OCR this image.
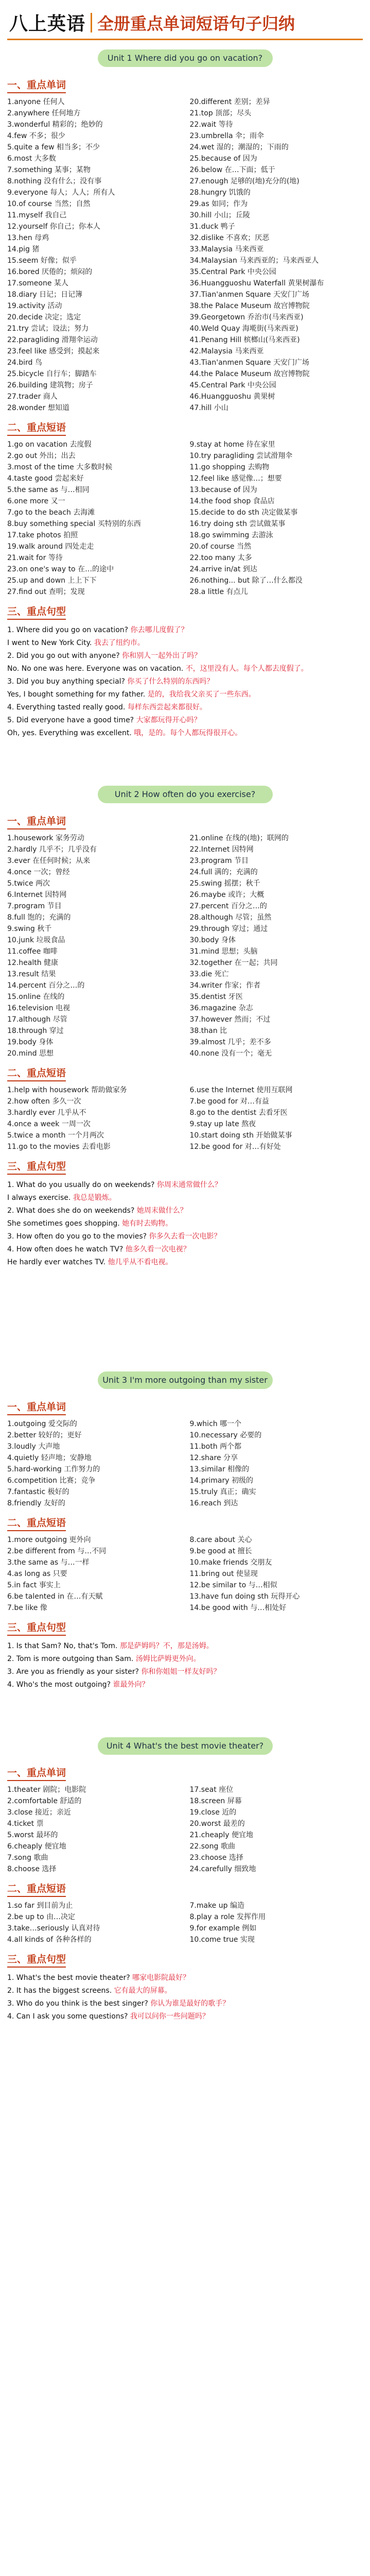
八上英语 全册重点单词短语句子归纳
Unit 1 Where did you go on vacation?
一、重点单词
1.anyone 任何人	20.different 差别；差异
2.anywhere 任何地方	21.top 顶部；尽头
3.wonderful 精彩的；绝妙的	22.wait 等待
4.few 不多；很少	23.umbrella 伞；雨伞
5.quite a few 相当多；不少	24.wet 湿的；潮湿的；下雨的
6.most 大多数	25.because of 因为
7.something 某事；某物	26.below 在…下面；低于
8.nothing 没有什么；没有事	27.enough 足够的(地)充分的(地)
9.everyone 每人；人人；所有人	28.hungry 饥饿的
10.of course 当然；自然	29.as 如同；作为
11.myself 我自己	30.hill 小山；丘陵
12.yourself 你自己；你本人	31.duck 鸭子
13.hen 母鸡	32.dislike 不喜欢；厌恶
14.pig 猪	33.Malaysia 马来西亚
15.seem 好像；似乎	34.Malaysian 马来西亚的；马来西亚人
16.bored 厌倦的；烦闷的	35.Central Park 中央公园
17.someone 某人	36.Huangguoshu Waterfall 黄果树瀑布
18.diary 日记；日记簿	37.Tian'anmen Square 天安门广场
19.activity 活动	38.the Palace Museum 故宫博物院
20.decide 决定；选定	39.Georgetown 乔治市(马来西亚)
21.try 尝试；设法；努力	40.Weld Quay 海墘街(马来西亚)
22.paragliding 滑翔伞运动	41.Penang Hill 槟榔山(马来西亚)
23.feel like 感受到；摸起来	42.Malaysia 马来西亚
24.bird 鸟	43.Tian'anmen Square 天安门广场
25.bicycle 自行车；脚踏车	44.the Palace Museum 故宫博物院
26.building 建筑物；房子	45.Central Park 中央公园
27.trader 商人	46.Huangguoshu 黄果树
28.wonder 想知道	47.hill 小山
二、重点短语
1.go on vacation 去度假	9.stay at home 待在家里
2.go out 外出；出去	10.try paragliding 尝试滑翔伞
3.most of the time 大多数时候	11.go shopping 去购物
4.taste good 尝起来好	12.feel like 感觉像…；想要
5.the same as 与…相同	13.because of 因为
6.one more 又一	14.the food shop 食品店
7.go to the beach 去海滩	15.decide to do sth 决定做某事
8.buy something special 买特别的东西	16.try doing sth 尝试做某事
17.take photos 拍照	18.go swimming 去游泳
19.walk around 四处走走	20.of course 当然
21.wait for 等待	22.too many 太多
23.on one's way to 在…的途中	24.arrive in/at 到达
25.up and down 上上下下	26.nothing... but 除了…什么都没
27.find out 查明；发现	28.a little 有点儿
三、重点句型
1. Where did you go on vacation? 你去哪儿度假了？
I went to New York City. 我去了纽约市。
2. Did you go out with anyone? 你和别人一起外出了吗？
No. No one was here. Everyone was on vacation. 不，这里没有人。每个人都去度假了。
3. Did you buy anything special? 你买了什么特别的东西吗？
Yes, I bought something for my father. 是的，我给我父亲买了一些东西。
4. Everything tasted really good. 每样东西尝起来都很好。
5. Did everyone have a good time? 大家都玩得开心吗？
Oh, yes. Everything was excellent. 哦，是的。每个人都玩得很开心。
Unit 2 How often do you exercise?
一、重点单词
1.housework 家务劳动	21.online 在线的(地)；联网的
2.hardly 几乎不；几乎没有	22.Internet 因特网
3.ever 在任何时候；从来	23.program 节目
4.once 一次；曾经	24.full 满的；充满的
5.twice 两次	25.swing 摇摆；秋千
6.Internet 因特网	26.maybe 或许；大概
7.program 节目	27.percent 百分之…的
8.full 饱的；充满的	28.although 尽管；虽然
9.swing 秋千	29.through 穿过；通过
10.junk 垃圾食品	30.body 身体
11.coffee 咖啡	31.mind 思想；头脑
12.health 健康	32.together 在一起；共同
13.result 结果	33.die 死亡
14.percent 百分之…的	34.writer 作家；作者
15.online 在线的	35.dentist 牙医
16.television 电视	36.magazine 杂志
17.although 尽管	37.however 然而；不过
18.through 穿过	38.than 比
19.body 身体	39.almost 几乎；差不多
20.mind 思想	40.none 没有一个；毫无
二、重点短语
1.help with housework 帮助做家务	6.use the Internet 使用互联网
2.how often 多久一次	7.be good for 对…有益
3.hardly ever 几乎从不	8.go to the dentist 去看牙医
4.once a week 一周一次	9.stay up late 熬夜
5.twice a month 一个月两次	10.start doing sth 开始做某事
11.go to the movies 去看电影	12.be good for 对…有好处
三、重点句型
1. What do you usually do on weekends? 你周末通常做什么？
I always exercise. 我总是锻炼。
2. What does she do on weekends? 她周末做什么？
She sometimes goes shopping. 她有时去购物。
3. How often do you go to the movies? 你多久去看一次电影？
4. How often does he watch TV? 他多久看一次电视？
He hardly ever watches TV. 他几乎从不看电视。
Unit 3 I'm more outgoing than my sister
一、重点单词
1.outgoing 爱交际的	9.which 哪一个
2.better 较好的；更好	10.necessary 必要的
3.loudly 大声地	11.both 两个都
4.quietly 轻声地；安静地	12.share 分享
5.hard-working 工作努力的	13.similar 相像的
6.competition 比赛；竞争	14.primary 初级的
7.fantastic 极好的	15.truly 真正；确实
8.friendly 友好的	16.reach 到达
二、重点短语
1.more outgoing 更外向	8.care about 关心
2.be different from 与…不同	9.be good at 擅长
3.the same as 与…一样	10.make friends 交朋友
4.as long as 只要	11.bring out 使显现
5.in fact 事实上	12.be similar to 与…相似
6.be talented in 在…有天赋	13.have fun doing sth 玩得开心
7.be like 像	14.be good with 与…相处好
三、重点句型
1. Is that Sam? No, that's Tom. 那是萨姆吗？不，那是汤姆。
2. Tom is more outgoing than Sam. 汤姆比萨姆更外向。
3. Are you as friendly as your sister? 你和你姐姐一样友好吗？
4. Who's the most outgoing? 谁最外向？
Unit 4 What's the best movie theater?
一、重点单词
1.theater 剧院；电影院	17.seat 座位
2.comfortable 舒适的	18.screen 屏幕
3.close 接近；亲近	19.close 近的
4.ticket 票	20.worst 最差的
5.worst 最坏的	21.cheaply 便宜地
6.cheaply 便宜地	22.song 歌曲
7.song 歌曲	23.choose 选择
8.choose 选择	24.carefully 细致地
二、重点短语
1.so far 到目前为止	7.make up 编造
2.be up to 由…决定	8.play a role 发挥作用
3.take…seriously 认真对待	9.for example 例如
4.all kinds of 各种各样的	10.come true 实现
三、重点句型
1. What's the best movie theater? 哪家电影院最好？
2. It has the biggest screens. 它有最大的屏幕。
3. Who do you think is the best singer? 你认为谁是最好的歌手？
4. Can I ask you some questions? 我可以问你一些问题吗？
